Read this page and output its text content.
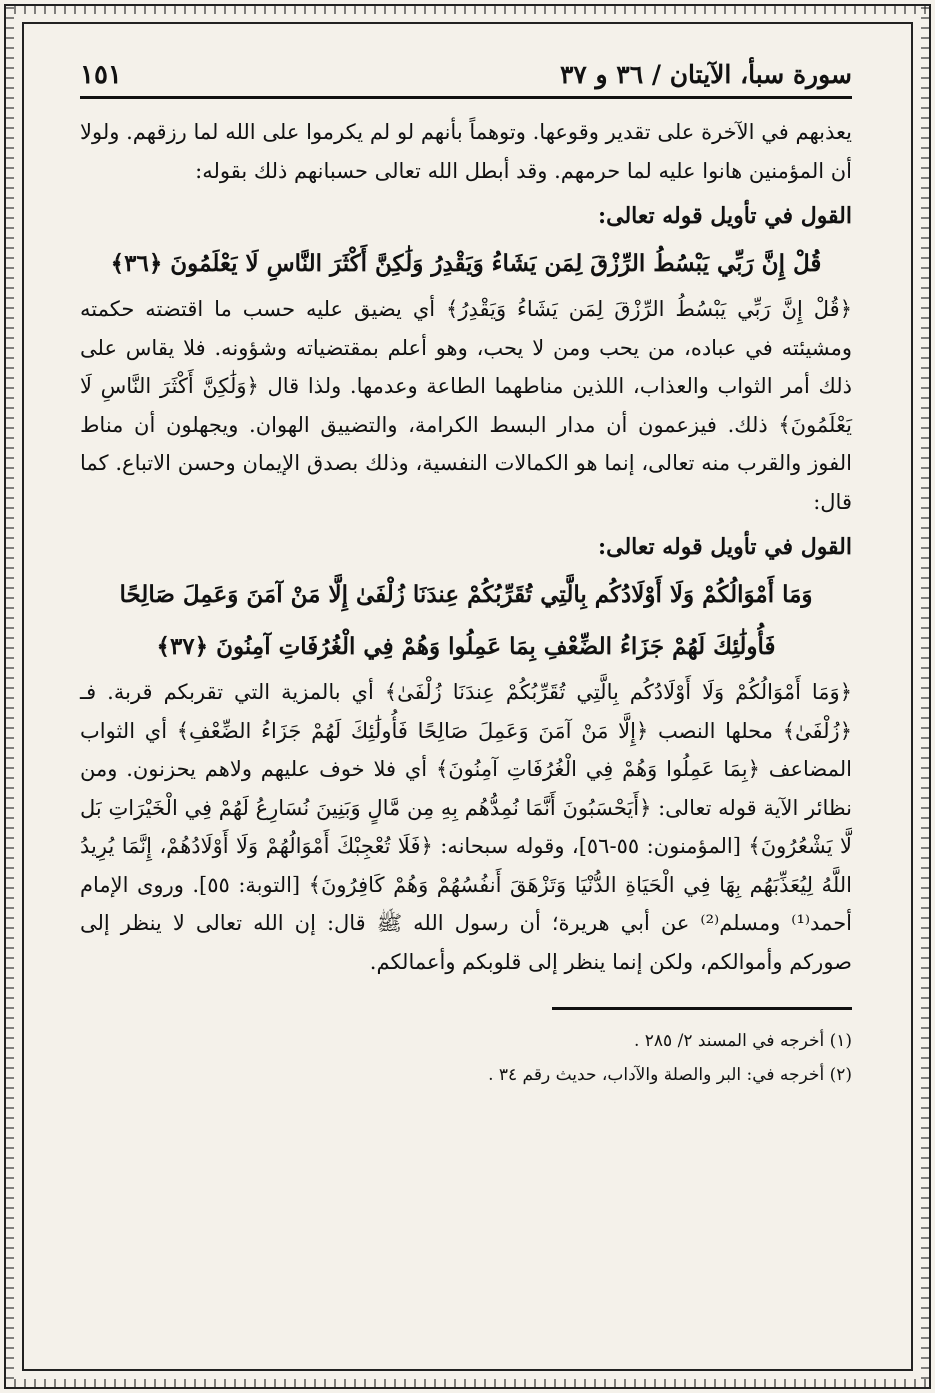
سورة سبأ، الآيتان / ٣٦ و ٣٧
١٥١

يعذبهم في الآخرة على تقدير وقوعها. وتوهماً بأنهم لو لم يكرموا على الله لما رزقهم. ولولا أن المؤمنين هانوا عليه لما حرمهم. وقد أبطل الله تعالى حسبانهم ذلك بقوله:

القول في تأويل قوله تعالى:

قُلْ إِنَّ رَبِّي يَبْسُطُ الرِّزْقَ لِمَن يَشَاءُ وَيَقْدِرُ وَلَٰكِنَّ أَكْثَرَ النَّاسِ لَا يَعْلَمُونَ ﴿٣٦﴾

﴿قُلْ إِنَّ رَبِّي يَبْسُطُ الرِّزْقَ لِمَن يَشَاءُ وَيَقْدِرُ﴾ أي يضيق عليه حسب ما اقتضته حكمته ومشيئته في عباده، من يحب ومن لا يحب، وهو أعلم بمقتضياته وشؤونه. فلا يقاس على ذلك أمر الثواب والعذاب، اللذين مناطهما الطاعة وعدمها. ولذا قال ﴿وَلَٰكِنَّ أَكْثَرَ النَّاسِ لَا يَعْلَمُونَ﴾ ذلك. فيزعمون أن مدار البسط الكرامة، والتضييق الهوان. ويجهلون أن مناط الفوز والقرب منه تعالى، إنما هو الكمالات النفسية، وذلك بصدق الإيمان وحسن الاتباع. كما قال:

القول في تأويل قوله تعالى:

وَمَا أَمْوَالُكُمْ وَلَا أَوْلَادُكُم بِالَّتِي تُقَرِّبُكُمْ عِندَنَا زُلْفَىٰ إِلَّا مَنْ آمَنَ وَعَمِلَ صَالِحًا

فَأُولَٰئِكَ لَهُمْ جَزَاءُ الضِّعْفِ بِمَا عَمِلُوا وَهُمْ فِي الْغُرُفَاتِ آمِنُونَ ﴿٣٧﴾

﴿وَمَا أَمْوَالُكُمْ وَلَا أَوْلَادُكُم بِالَّتِي تُقَرِّبُكُمْ عِندَنَا زُلْفَىٰ﴾ أي بالمزية التي تقربكم قربة. فـ ﴿زُلْفَىٰ﴾ محلها النصب ﴿إِلَّا مَنْ آمَنَ وَعَمِلَ صَالِحًا فَأُولَٰئِكَ لَهُمْ جَزَاءُ الضِّعْفِ﴾ أي الثواب المضاعف ﴿بِمَا عَمِلُوا وَهُمْ فِي الْغُرُفَاتِ آمِنُونَ﴾ أي فلا خوف عليهم ولاهم يحزنون. ومن نظائر الآية قوله تعالى: ﴿أَيَحْسَبُونَ أَنَّمَا نُمِدُّهُم بِهِ مِن مَّالٍ وَبَنِينَ نُسَارِعُ لَهُمْ فِي الْخَيْرَاتِ بَل لَّا يَشْعُرُونَ﴾ [المؤمنون: ٥٥-٥٦]، وقوله سبحانه: ﴿فَلَا تُعْجِبْكَ أَمْوَالُهُمْ وَلَا أَوْلَادُهُمْ، إِنَّمَا يُرِيدُ اللَّهُ لِيُعَذِّبَهُم بِهَا فِي الْحَيَاةِ الدُّنْيَا وَتَزْهَقَ أَنفُسُهُمْ وَهُمْ كَافِرُونَ﴾ [التوبة: ٥٥]. وروى الإمام أحمد⁽¹⁾ ومسلم⁽²⁾ عن أبي هريرة؛ أن رسول الله ﷺ قال: إن الله تعالى لا ينظر إلى صوركم وأموالكم، ولكن إنما ينظر إلى قلوبكم وأعمالكم.

(١) أخرجه في المسند ٢/ ٢٨٥ .

(٢) أخرجه في: البر والصلة والآداب، حديث رقم ٣٤ .
